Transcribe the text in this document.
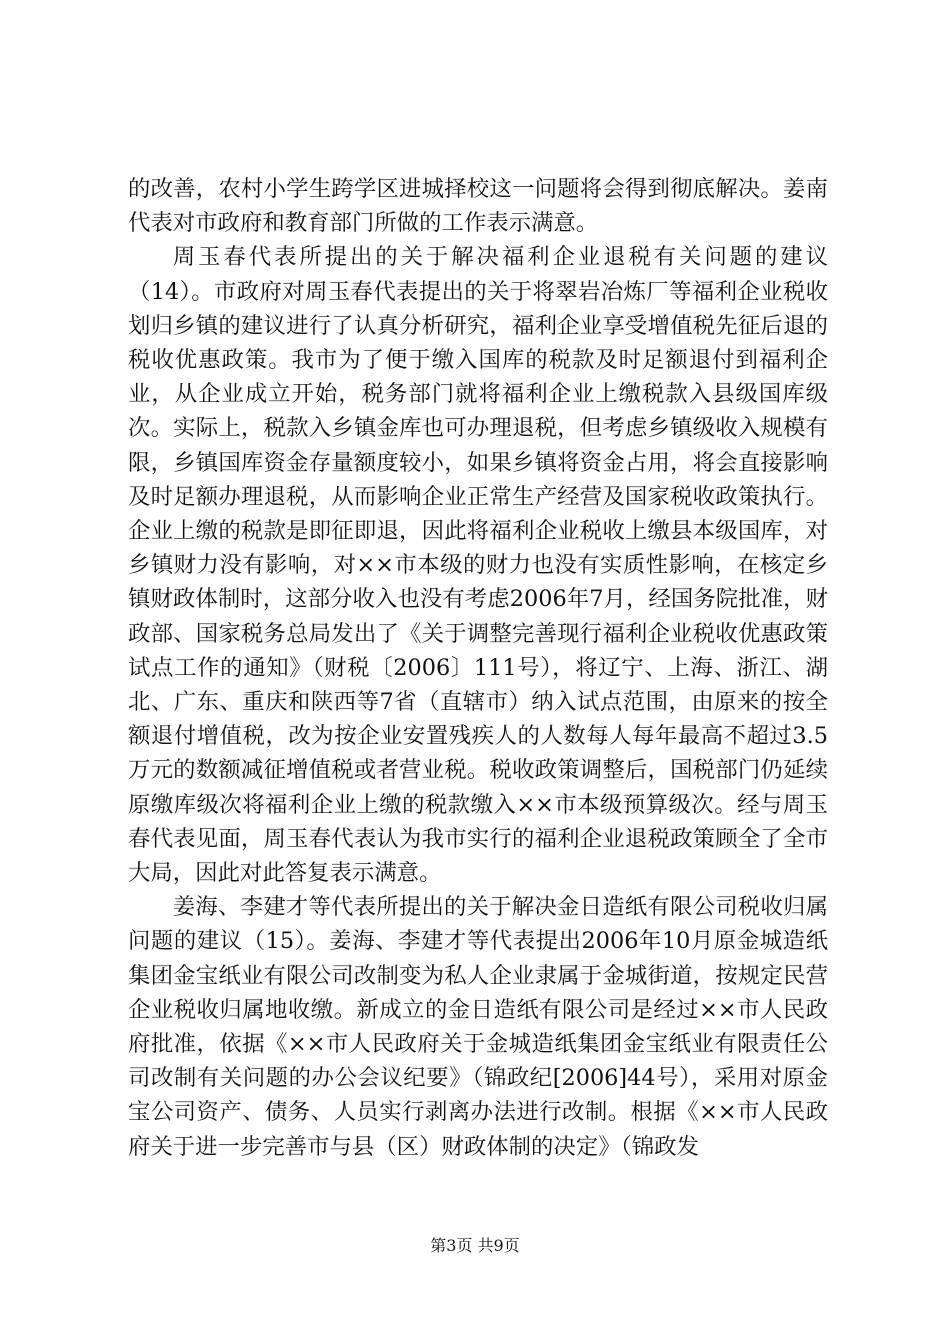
的改善，农村小学生跨学区进城择校这一问题将会得到彻底解决。姜南代表对市政府和教育部门所做的工作表示满意。

周玉春代表所提出的关于解决福利企业退税有关问题的建议（14）。市政府对周玉春代表提出的关于将翠岩冶炼厂等福利企业税收划归乡镇的建议进行了认真分析研究，福利企业享受增值税先征后退的税收优惠政策。我市为了便于缴入国库的税款及时足额退付到福利企业，从企业成立开始，税务部门就将福利企业上缴税款入县级国库级次。实际上，税款入乡镇金库也可办理退税，但考虑乡镇级收入规模有限，乡镇国库资金存量额度较小，如果乡镇将资金占用，将会直接影响及时足额办理退税，从而影响企业正常生产经营及国家税收政策执行。企业上缴的税款是即征即退，因此将福利企业税收上缴县本级国库，对乡镇财力没有影响，对××市本级的财力也没有实质性影响，在核定乡镇财政体制时，这部分收入也没有考虑2006年7月，经国务院批准，财政部、国家税务总局发出了《关于调整完善现行福利企业税收优惠政策试点工作的通知》（财税〔2006〕111号），将辽宁、上海、浙江、湖北、广东、重庆和陕西等7省（直辖市）纳入试点范围，由原来的按全额退付增值税，改为按企业安置残疾人的人数每人每年最高不超过3.5万元的数额减征增值税或者营业税。税收政策调整后，国税部门仍延续原缴库级次将福利企业上缴的税款缴入××市本级预算级次。经与周玉春代表见面，周玉春代表认为我市实行的福利企业退税政策顾全了全市大局，因此对此答复表示满意。

姜海、李建才等代表所提出的关于解决金日造纸有限公司税收归属问题的建议（15）。姜海、李建才等代表提出2006年10月原金城造纸集团金宝纸业有限公司改制变为私人企业隶属于金城街道，按规定民营企业税收归属地收缴。新成立的金日造纸有限公司是经过××市人民政府批准，依据《××市人民政府关于金城造纸集团金宝纸业有限责任公司改制有关问题的办公会议纪要》（锦政纪[2006]44号），采用对原金宝公司资产、债务、人员实行剥离办法进行改制。根据《××市人民政府关于进一步完善市与县（区）财政体制的决定》（锦政发

第3页 共9页
